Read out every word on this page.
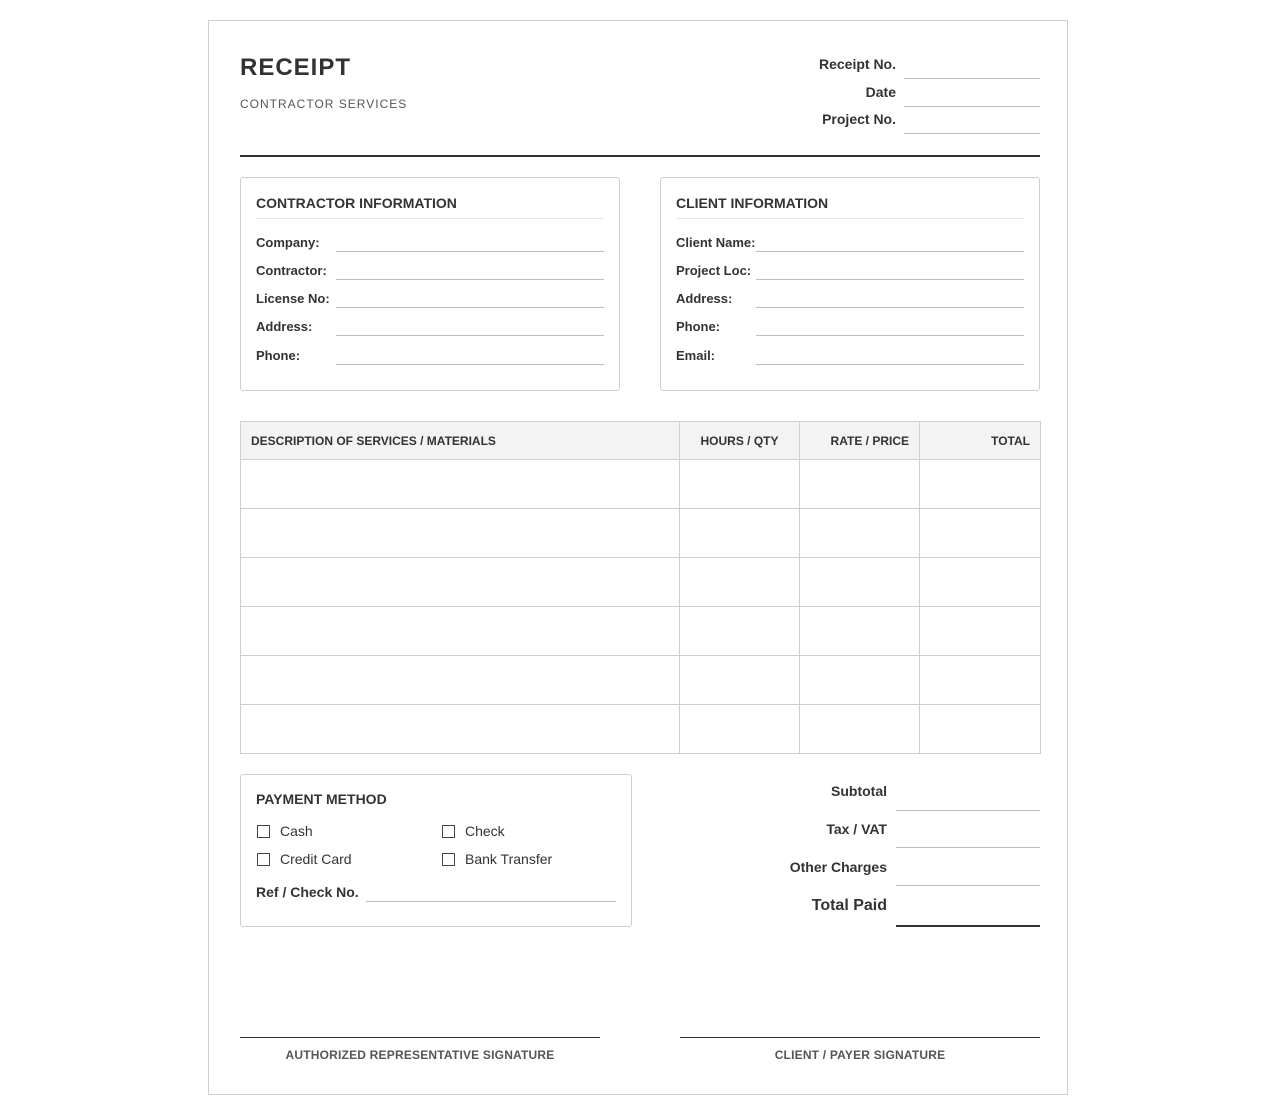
RECEIPT
CONTRACTOR SERVICES
Receipt No.
Date
Project No.
CONTRACTOR INFORMATION
Company:
Contractor:
License No:
Address:
Phone:
CLIENT INFORMATION
Client Name:
Project Loc:
Address:
Phone:
Email:
DESCRIPTION OF SERVICES / MATERIALS	HOURS / QTY	RATE / PRICE	TOTAL

PAYMENT METHOD
Cash	Check
Credit Card	Bank Transfer
Ref / Check No.
Subtotal
Tax / VAT
Other Charges
Total Paid
AUTHORIZED REPRESENTATIVE SIGNATURE	CLIENT / PAYER SIGNATURE
